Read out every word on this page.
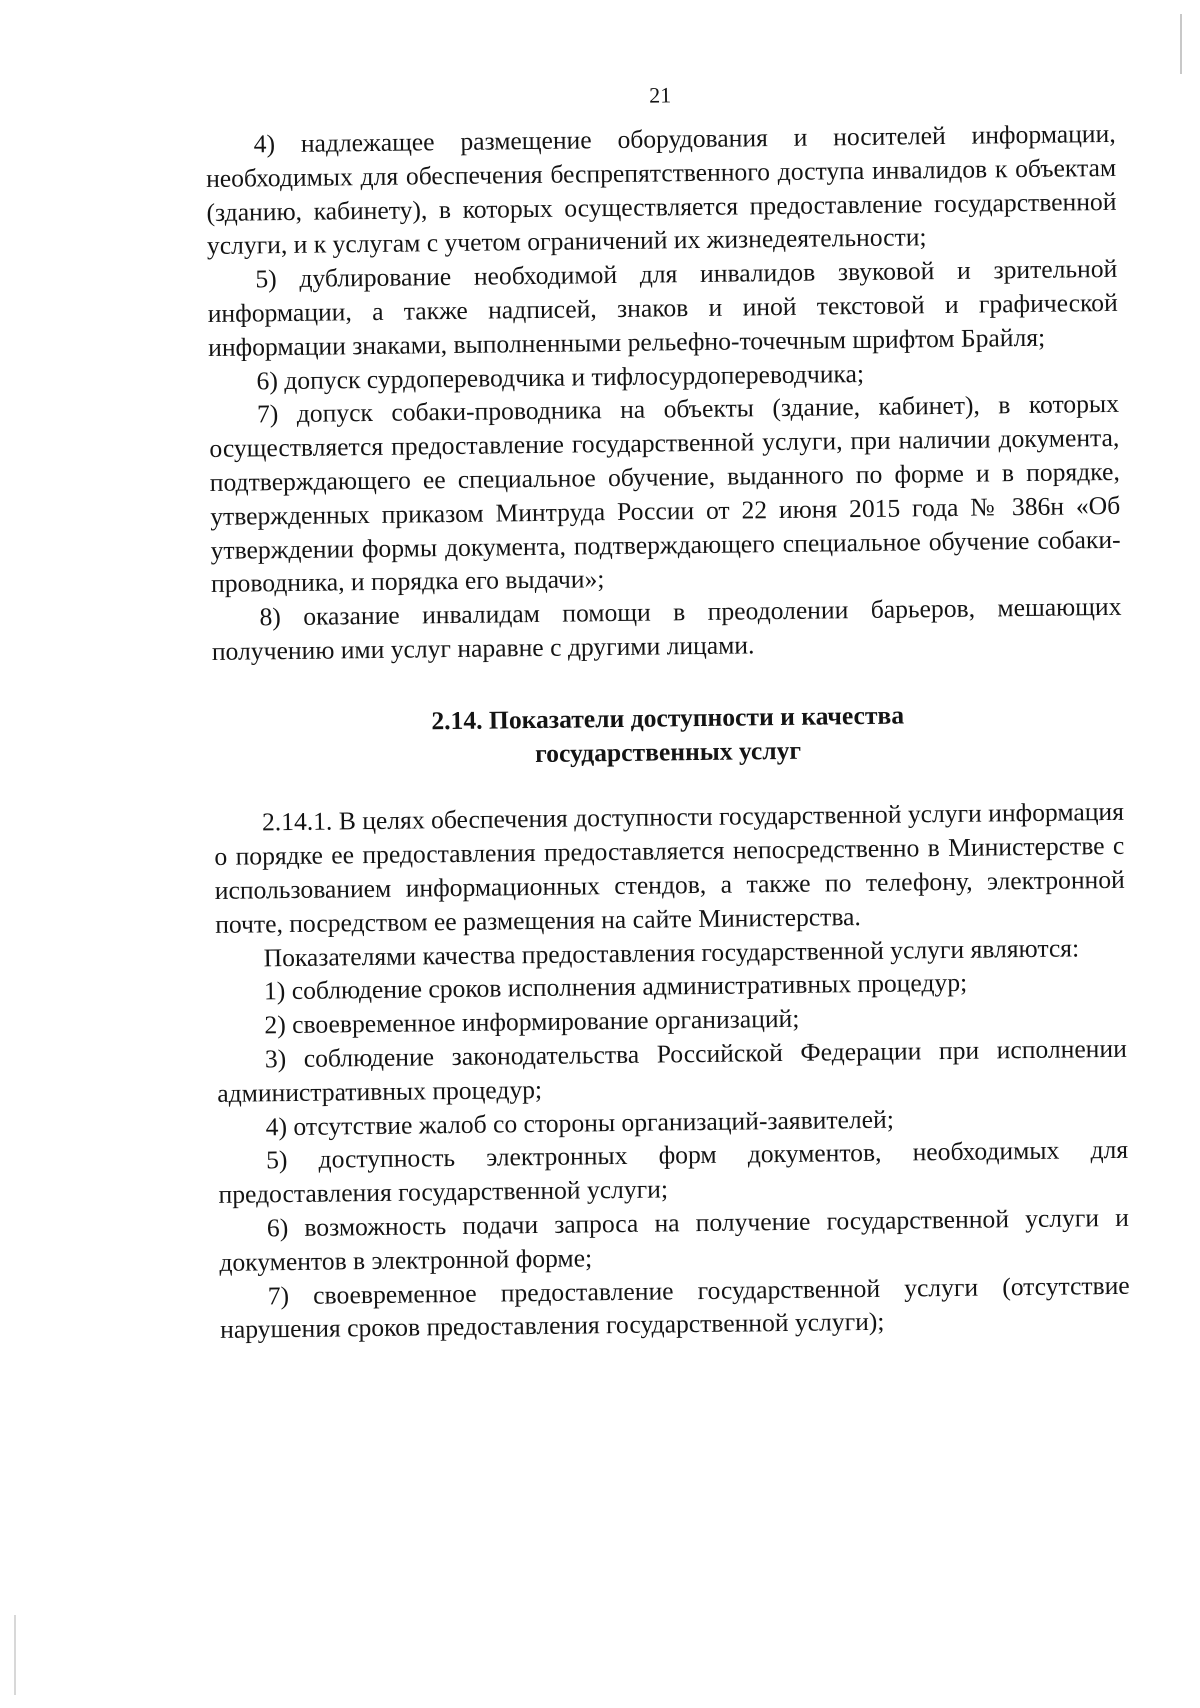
21

4) надлежащее размещение оборудования и носителей информации, необходимых для обеспечения беспрепятственного доступа инвалидов к объектам (зданию, кабинету), в которых осуществляется предоставление государственной услуги, и к услугам с учетом ограничений их жизнедеятельности;

5) дублирование необходимой для инвалидов звуковой и зрительной информации, а также надписей, знаков и иной текстовой и графической информации знаками, выполненными рельефно-точечным шрифтом Брайля;

6) допуск сурдопереводчика и тифлосурдопереводчика;

7) допуск собаки-проводника на объекты (здание, кабинет), в которых осуществляется предоставление государственной услуги, при наличии документа, подтверждающего ее специальное обучение, выданного по форме и в порядке, утвержденных приказом Минтруда России от 22 июня 2015 года № 386н «Об утверждении формы документа, подтверждающего специальное обучение собаки-проводника, и порядка его выдачи»;

8) оказание инвалидам помощи в преодолении барьеров, мешающих получению ими услуг наравне с другими лицами.

2.14. Показатели доступности и качества
государственных услуг

2.14.1. В целях обеспечения доступности государственной услуги информация о порядке ее предоставления предоставляется непосредственно в Министерстве с использованием информационных стендов, а также по телефону, электронной почте, посредством ее размещения на сайте Министерства.

Показателями качества предоставления государственной услуги являются:

1) соблюдение сроков исполнения административных процедур;

2) своевременное информирование организаций;

3) соблюдение законодательства Российской Федерации при исполнении административных процедур;

4) отсутствие жалоб со стороны организаций-заявителей;

5) доступность электронных форм документов, необходимых для предоставления государственной услуги;

6) возможность подачи запроса на получение государственной услуги и документов в электронной форме;

7) своевременное предоставление государственной услуги (отсутствие нарушения сроков предоставления государственной услуги);
